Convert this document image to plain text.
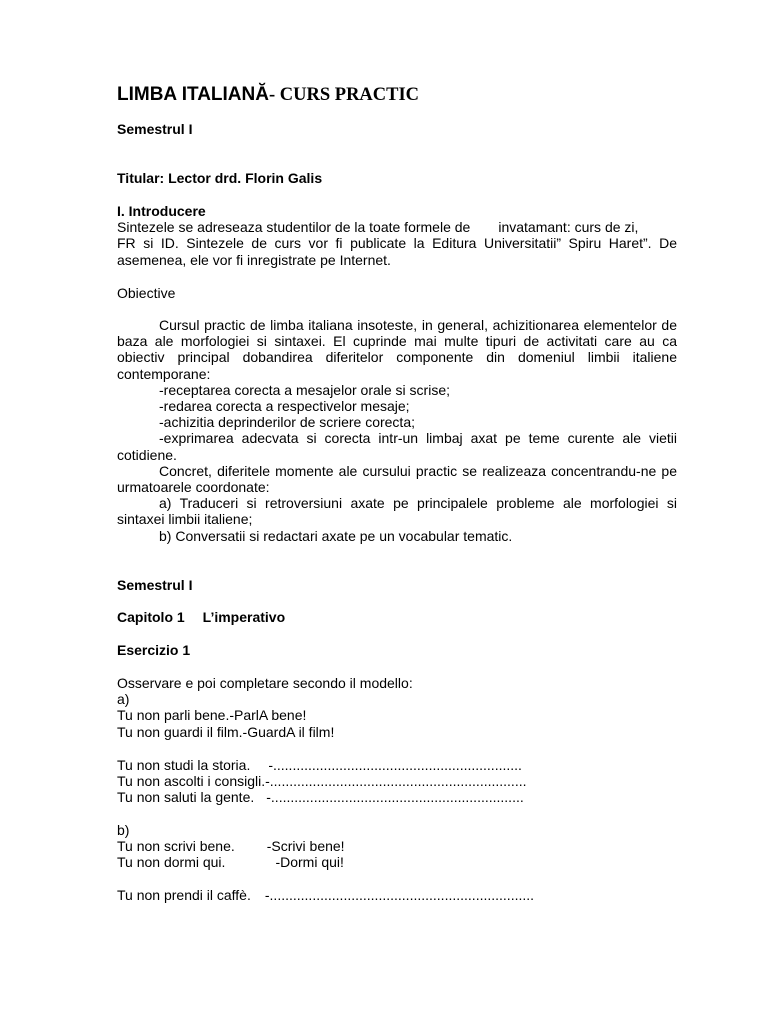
LIMBA ITALIANĂ- CURS PRACTIC
Semestrul I
Titular: Lector drd. Florin Galis
I. Introducere
Sintezele se adreseaza studentilor de la toate formele de invatamant: curs de zi,

FR si ID. Sintezele de curs vor fi publicate la Editura Universitatii” Spiru Haret”. De asemenea, ele vor fi inregistrate pe Internet.

Obiective

Cursul practic de limba italiana insoteste, in general, achizitionarea elementelor de baza ale morfologiei si sintaxei. El cuprinde mai multe tipuri de activitati care au ca obiectiv principal dobandirea diferitelor componente din domeniul limbii italiene contemporane:

-receptarea corecta a mesajelor orale si scrise;

-redarea corecta a respectivelor mesaje;

-achizitia deprinderilor de scriere corecta;

-exprimarea adecvata si corecta intr-un limbaj axat pe teme curente ale vietii cotidiene.

Concret, diferitele momente ale cursului practic se realizeaza concentrandu-ne pe urmatoarele coordonate:

a) Traduceri si retroversiuni axate pe principalele probleme ale morfologiei si sintaxei limbii italiene;

b) Conversatii si redactari axate pe un vocabular tematic.

Semestrul I
Capitolo 1 L’imperativo
Esercizio 1
Osservare e poi completare secondo il modello:
a)
Tu non parli bene.-ParlA bene!
Tu non guardi il film.-GuardA il film!
Tu non studi la storia. -................................................................
Tu non ascolti i consigli.-..................................................................
Tu non saluti la gente. -.................................................................
b)
Tu non scrivi bene. -Scrivi bene!
Tu non dormi qui.	-Dormi qui!
Tu non prendi il caffè. -....................................................................
